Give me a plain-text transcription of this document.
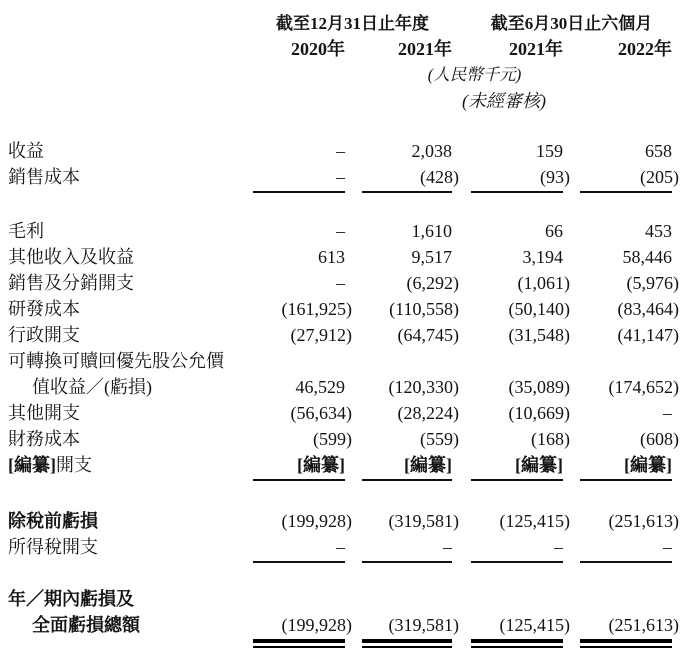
截至12月31日止年度	截至6月30日止六個月
2020年	2021年	2021年	2022年
(人民幣千元)
(未經審核)
收益	–	2,038	159	658
銷售成本	–	(428)	(93)	(205)
毛利	–	1,610	66	453
其他收入及收益	613	9,517	3,194	58,446
銷售及分銷開支	–	(6,292)	(1,061)	(5,976)
研發成本	(161,925)	(110,558)	(50,140)	(83,464)
行政開支	(27,912)	(64,745)	(31,548)	(41,147)
可轉換可贖回優先股公允價
值收益／(虧損)	46,529	(120,330)	(35,089)	(174,652)
其他開支	(56,634)	(28,224)	(10,669)	–
財務成本	(599)	(559)	(168)	(608)
[編纂]開支	[編纂]	[編纂]	[編纂]	[編纂]
除稅前虧損	(199,928)	(319,581)	(125,415)	(251,613)
所得稅開支	–	–	–	–
年／期內虧損及
全面虧損總額	(199,928)	(319,581)	(125,415)	(251,613)
